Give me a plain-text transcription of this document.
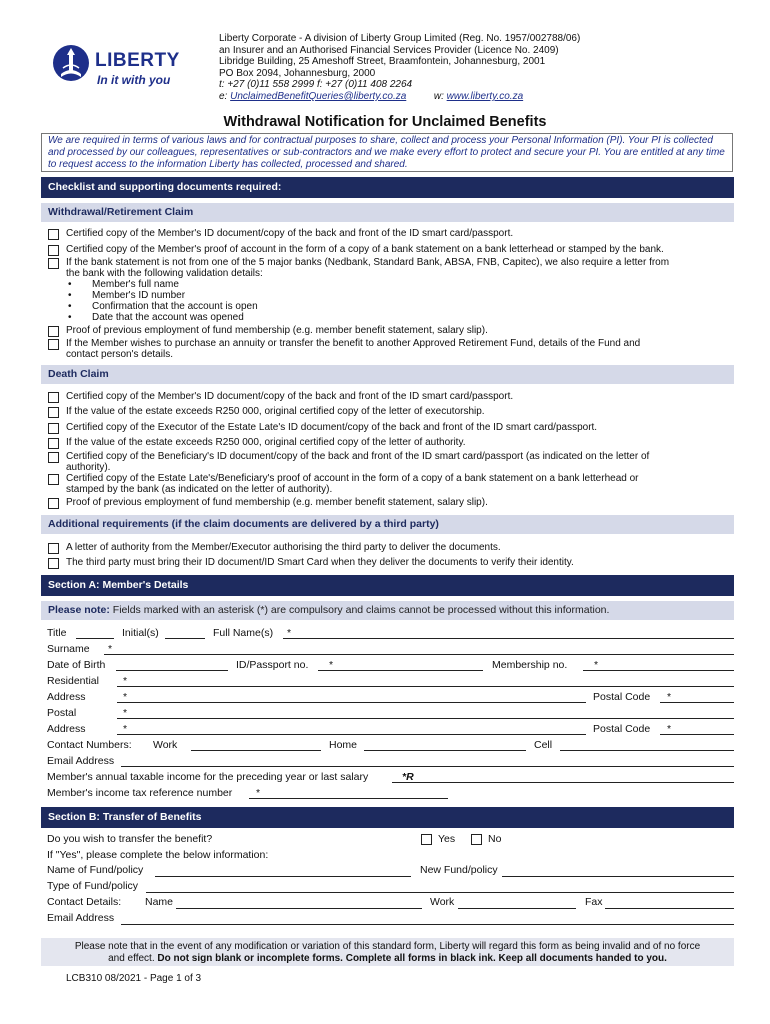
LIBERTY
In it with you
Liberty Corporate - A division of Liberty Group Limited (Reg. No. 1957/002788/06)
an Insurer and an Authorised Financial Services Provider (Licence No. 2409)
Libridge Building, 25 Ameshoff Street, Braamfontein, Johannesburg, 2001
PO Box 2094, Johannesburg, 2000
t: +27 (0)11 558 2999 f: +27 (0)11 408 2264
e: UnclaimedBenefitQueries@liberty.co.za	w: www.liberty.co.za
Withdrawal Notification for Unclaimed Benefits
We are required in terms of various laws and for contractual purposes to share, collect and process your Personal Information (PI). Your PI is collected and processed by our colleagues, representatives or sub-contractors and we make every effort to protect and secure your PI. You are entitled at any time to request access to the information Liberty has collected, processed and shared.
Checklist and supporting documents required:
Withdrawal/Retirement Claim
Certified copy of the Member's ID document/copy of the back and front of the ID smart card/passport.
Certified copy of the Member's proof of account in the form of a copy of a bank statement on a bank letterhead or stamped by the bank.
If the bank statement is not from one of the 5 major banks (Nedbank, Standard Bank, ABSA, FNB, Capitec), we also require a letter from
the bank with the following validation details:
• Member's full name
• Member's ID number
• Confirmation that the account is open
• Date that the account was opened
Proof of previous employment of fund membership (e.g. member benefit statement, salary slip).
If the Member wishes to purchase an annuity or transfer the benefit to another Approved Retirement Fund, details of the Fund and
contact person's details.
Death Claim
Certified copy of the Member's ID document/copy of the back and front of the ID smart card/passport.
If the value of the estate exceeds R250 000, original certified copy of the letter of executorship.
Certified copy of the Executor of the Estate Late's ID document/copy of the back and front of the ID smart card/passport.
If the value of the estate exceeds R250 000, original certified copy of the letter of authority.
Certified copy of the Beneficiary's ID document/copy of the back and front of the ID smart card/passport (as indicated on the letter of
authority).
Certified copy of the Estate Late's/Beneficiary's proof of account in the form of a copy of a bank statement on a bank letterhead or
stamped by the bank (as indicated on the letter of authority).
Proof of previous employment of fund membership (e.g. member benefit statement, salary slip).
Additional requirements (if the claim documents are delivered by a third party)
A letter of authority from the Member/Executor authorising the third party to deliver the documents.
The third party must bring their ID document/ID Smart Card when they deliver the documents to verify their identity.
Section A: Member's Details
Please note: Fields marked with an asterisk (*) are compulsory and claims cannot be processed without this information.
Title	Initial(s)	Full Name(s) *
Surname *
Date of Birth	ID/Passport no. *	Membership no.	*
Residential *
Address	*	Postal Code *
Postal	*
Address	*	Postal Code *
Contact Numbers: Work	Home	Cell
Email Address
Member's annual taxable income for the preceding year or last salary	*R
Member's income tax reference number *
Section B: Transfer of Benefits
Do you wish to transfer the benefit?	Yes	No
If "Yes", please complete the below information:
Name of Fund/policy	New Fund/policy
Type of Fund/policy
Contact Details: Name	Work	Fax
Email Address
Please note that in the event of any modification or variation of this standard form, Liberty will regard this form as being invalid and of no force
and effect. Do not sign blank or incomplete forms. Complete all forms in black ink. Keep all documents handed to you.
LCB310 08/2021 - Page 1 of 3
